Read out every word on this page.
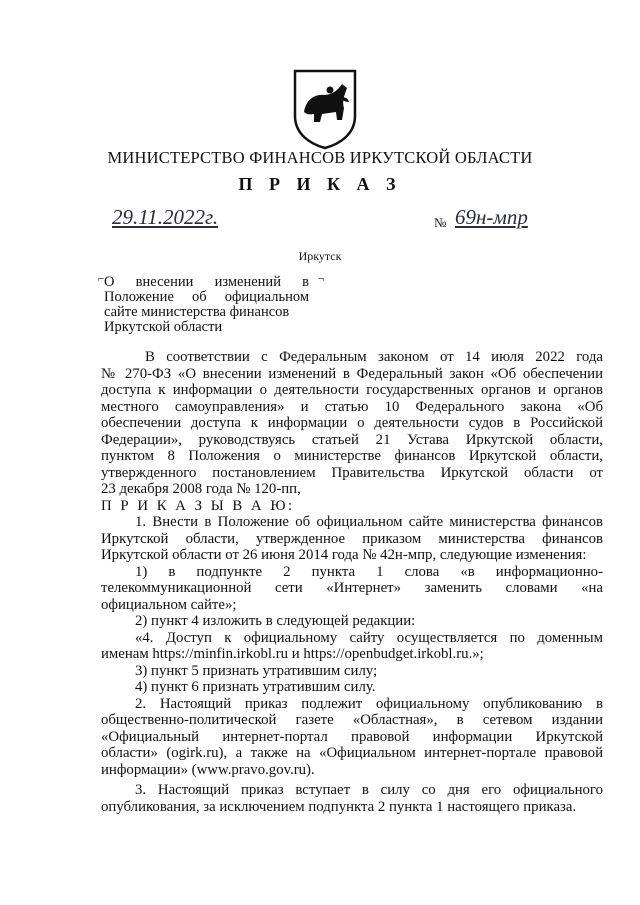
МИНИСТЕРСТВО ФИНАНСОВ ИРКУТСКОЙ ОБЛАСТИ
П Р И К А З
29.11.2022г.	№ 69н-мпр
Иркутск
⌐	¬
О внесении изменений в
Положение об официальном
сайте министерства финансов
Иркутской области
В соответствии с Федеральным законом от 14 июля 2022 года
№ 270-ФЗ «О внесении изменений в Федеральный закон «Об обеспечении
доступа к информации о деятельности государственных органов и органов
местного самоуправления» и статью 10 Федерального закона «Об
обеспечении доступа к информации о деятельности судов в Российской
Федерации», руководствуясь статьей 21 Устава Иркутской области,
пунктом 8 Положения о министерстве финансов Иркутской области,
утвержденного постановлением Правительства Иркутской области от
23 декабря 2008 года № 120-пп,
П Р И К А З Ы В А Ю:
1. Внести в Положение об официальном сайте министерства финансов
Иркутской области, утвержденное приказом министерства финансов
Иркутской области от 26 июня 2014 года № 42н-мпр, следующие изменения:
1) в подпункте 2 пункта 1 слова «в информационно-
телекоммуникационной сети «Интернет» заменить словами «на
официальном сайте»;
2) пункт 4 изложить в следующей редакции:
«4. Доступ к официальному сайту осуществляется по доменным
именам https://minfin.irkobl.ru и https://openbudget.irkobl.ru.»;
3) пункт 5 признать утратившим силу;
4) пункт 6 признать утратившим силу.
2. Настоящий приказ подлежит официальному опубликованию в
общественно-политической газете «Областная», в сетевом издании
«Официальный интернет-портал правовой информации Иркутской
области» (ogirk.ru), а также на «Официальном интернет-портале правовой
информации» (www.pravo.gov.ru).
3. Настоящий приказ вступает в силу со дня его официального
опубликования, за исключением подпункта 2 пункта 1 настоящего приказа.
